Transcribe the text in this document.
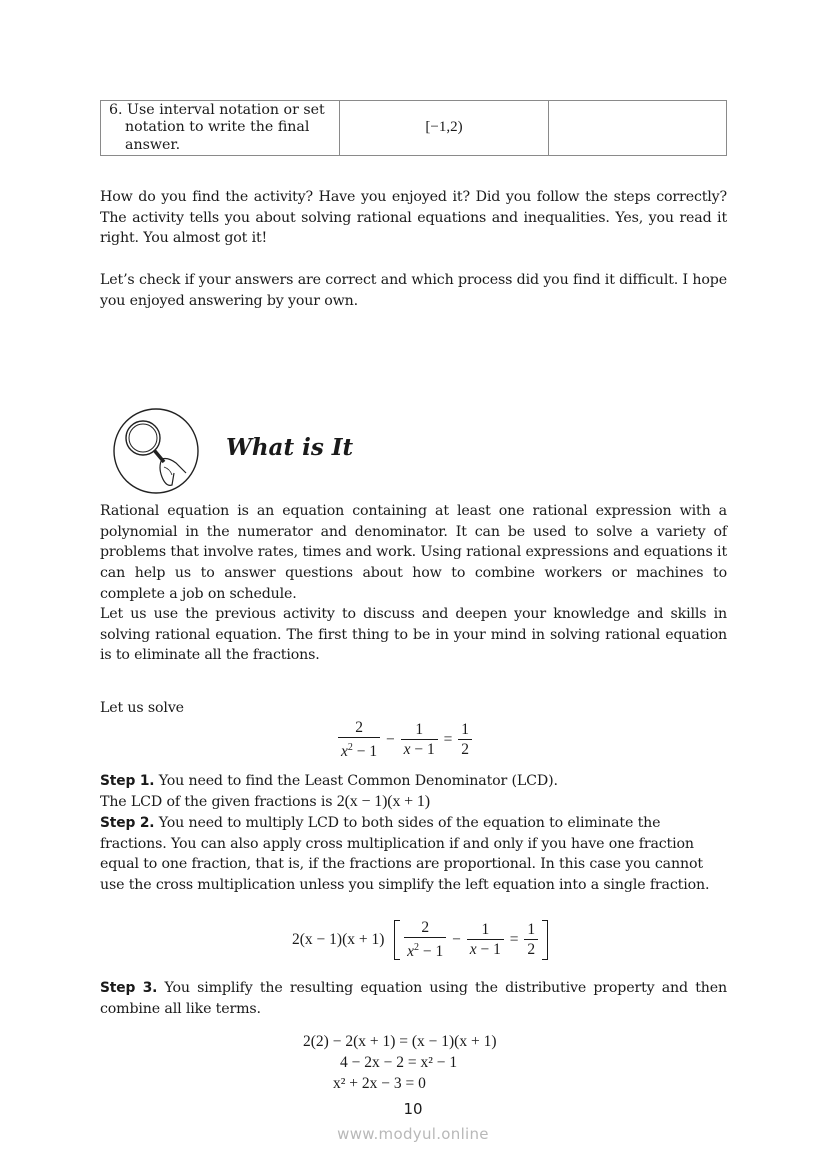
6. Use interval notation or set notation to write the final answer.
	[−1,2)	

How do you find the activity? Have you enjoyed it? Did you follow the steps correctly? The activity tells you about solving rational equations and inequalities. Yes, you read it right. You almost got it!

Let’s check if your answers are correct and which process did you find it difficult. I hope you enjoyed answering by your own.

What is It

Rational equation is an equation containing at least one rational expression with a polynomial in the numerator and denominator. It can be used to solve a variety of problems that involve rates, times and work. Using rational expressions and equations it can help us to answer questions about how to combine workers or machines to complete a job on schedule.

Let us use the previous activity to discuss and deepen your knowledge and skills in solving rational equation. The first thing to be in your mind in solving rational equation is to eliminate all the fractions.

Let us solve

$\frac{2}{x^2 - 1} - \frac{1}{x - 1} = \frac{1}{2}$

Step 1. You need to find the Least Common Denominator (LCD).

The LCD of the given fractions is 2(x − 1)(x + 1)

Step 2. You need to multiply LCD to both sides of the equation to eliminate the fractions. You can also apply cross multiplication if and only if you have one fraction equal to one fraction, that is, if the fractions are proportional. In this case you cannot use the cross multiplication unless you simplify the left equation into a single fraction.

$2(x - 1)(x + 1) \frac{2}{x^2 - 1} - \frac{1}{x - 1} = \frac{1}{2}$

Step 3. You simplify the resulting equation using the distributive property and then combine all like terms.

2(2) − 2(x + 1) = (x − 1)(x + 1)
4 − 2x − 2 = x² − 1
x² + 2x − 3 = 0
10
www.modyul.online
